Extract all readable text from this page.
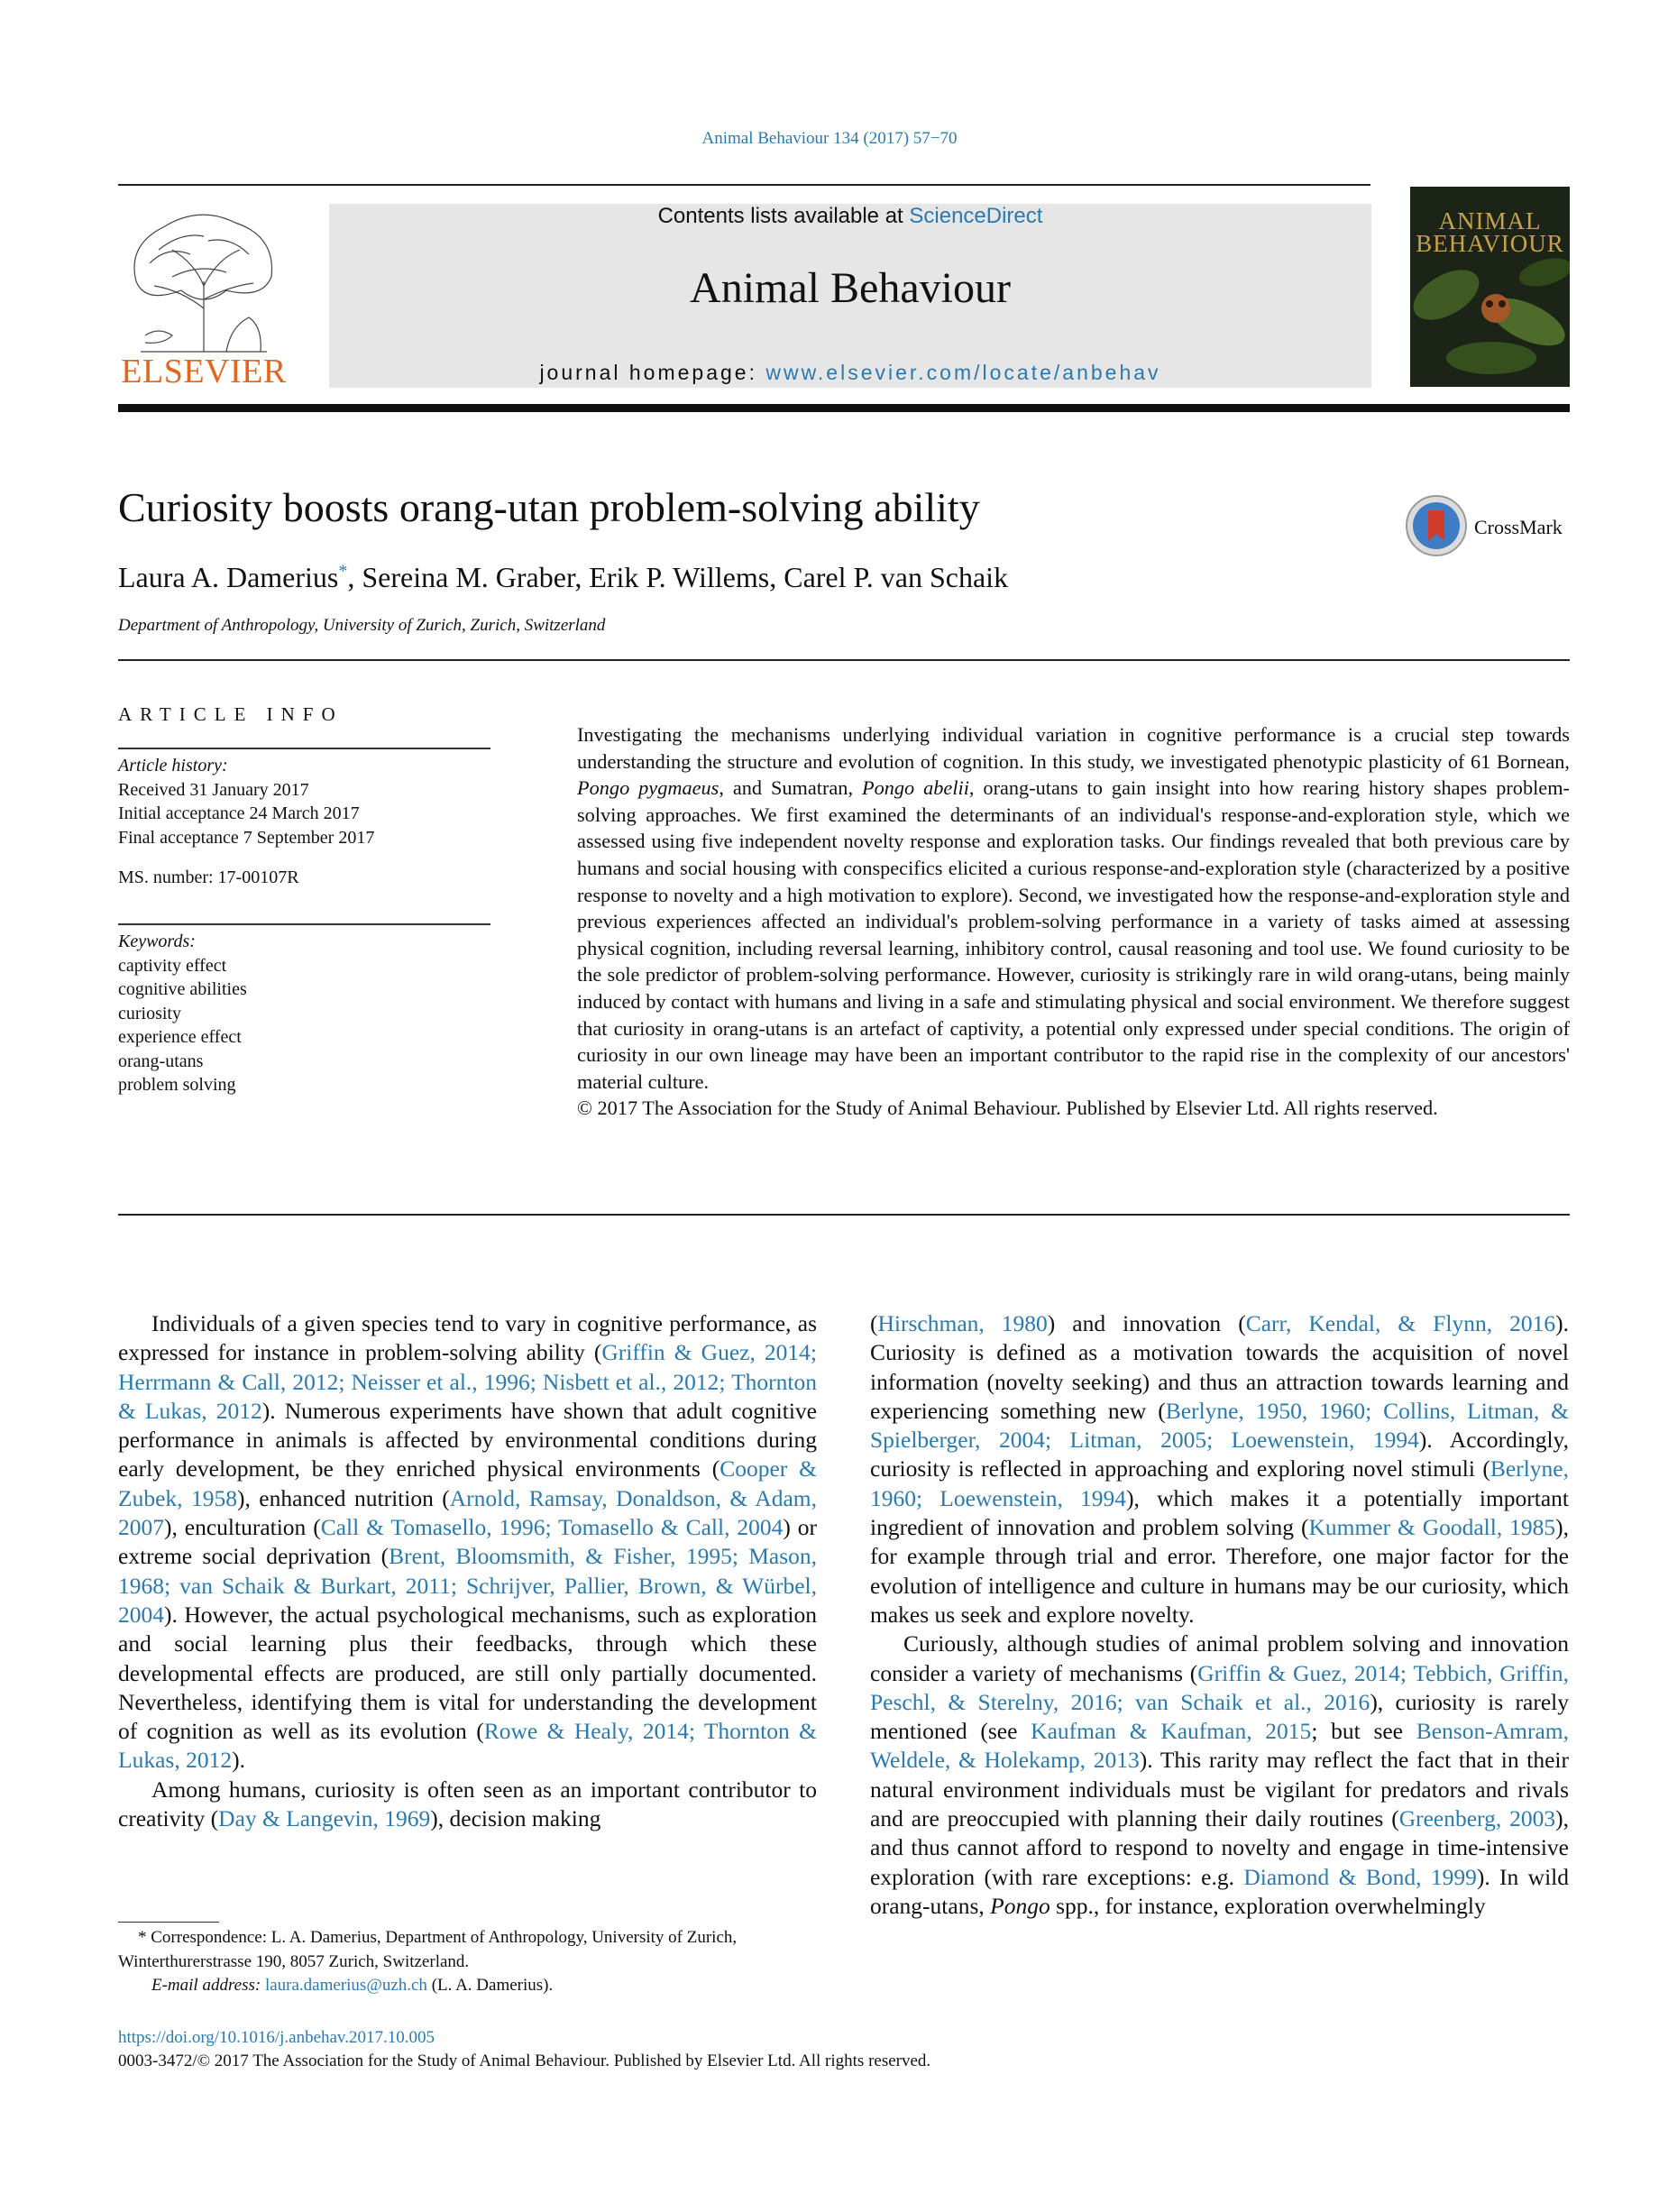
Animal Behaviour 134 (2017) 57−70
ELSEVIER
Contents lists available at ScienceDirect
Animal Behaviour
journal homepage: www.elsevier.com/locate/anbehav
ANIMAL
BEHAVIOUR
Curiosity boosts orang-utan problem-solving ability	CrossMark
Laura A. Damerius*, Sereina M. Graber, Erik P. Willems, Carel P. van Schaik
Department of Anthropology, University of Zurich, Zurich, Switzerland
ARTICLE INFO
Article history:
Received 31 January 2017
Initial acceptance 24 March 2017
Final acceptance 7 September 2017
MS. number: 17-00107R
Keywords:
captivity effect
cognitive abilities
curiosity
experience effect
orang-utans
problem solving

Investigating the mechanisms underlying individual variation in cognitive performance is a crucial step towards understanding the structure and evolution of cognition. In this study, we investigated phenotypic plasticity of 61 Bornean, Pongo pygmaeus, and Sumatran, Pongo abelii, orang-utans to gain insight into how rearing history shapes problem-solving approaches. We first examined the determinants of an individual's response-and-exploration style, which we assessed using five independent novelty response and exploration tasks. Our findings revealed that both previous care by humans and social housing with conspecifics elicited a curious response-and-exploration style (characterized by a positive response to novelty and a high motivation to explore). Second, we investigated how the response-and-exploration style and previous experiences affected an individual's problem-solving performance in a variety of tasks aimed at assessing physical cognition, including reversal learning, inhibitory control, causal reasoning and tool use. We found curiosity to be the sole predictor of problem-solving performance. However, curiosity is strikingly rare in wild orang-utans, being mainly induced by contact with humans and living in a safe and stimulating physical and social environment. We therefore suggest that curiosity in orang-utans is an artefact of captivity, a potential only expressed under special conditions. The origin of curiosity in our own lineage may have been an important contributor to the rapid rise in the complexity of our ancestors' material culture.

© 2017 The Association for the Study of Animal Behaviour. Published by Elsevier Ltd. All rights reserved.

Individuals of a given species tend to vary in cognitive performance, as expressed for instance in problem-solving ability (Griffin & Guez, 2014; Herrmann & Call, 2012; Neisser et al., 1996; Nisbett et al., 2012; Thornton & Lukas, 2012). Numerous experiments have shown that adult cognitive performance in animals is affected by environmental conditions during early development, be they enriched physical environments (Cooper & Zubek, 1958), enhanced nutrition (Arnold, Ramsay, Donaldson, & Adam, 2007), enculturation (Call & Tomasello, 1996; Tomasello & Call, 2004) or extreme social deprivation (Brent, Bloomsmith, & Fisher, 1995; Mason, 1968; van Schaik & Burkart, 2011; Schrijver, Pallier, Brown, & Würbel, 2004). However, the actual psychological mechanisms, such as exploration and social learning plus their feedbacks, through which these developmental effects are produced, are still only partially documented. Nevertheless, identifying them is vital for understanding the development of cognition as well as its evolution (Rowe & Healy, 2014; Thornton & Lukas, 2012).

Among humans, curiosity is often seen as an important contributor to creativity (Day & Langevin, 1969), decision making

(Hirschman, 1980) and innovation (Carr, Kendal, & Flynn, 2016). Curiosity is defined as a motivation towards the acquisition of novel information (novelty seeking) and thus an attraction towards learning and experiencing something new (Berlyne, 1950, 1960; Collins, Litman, & Spielberger, 2004; Litman, 2005; Loewenstein, 1994). Accordingly, curiosity is reflected in approaching and exploring novel stimuli (Berlyne, 1960; Loewenstein, 1994), which makes it a potentially important ingredient of innovation and problem solving (Kummer & Goodall, 1985), for example through trial and error. Therefore, one major factor for the evolution of intelligence and culture in humans may be our curiosity, which makes us seek and explore novelty.

Curiously, although studies of animal problem solving and innovation consider a variety of mechanisms (Griffin & Guez, 2014; Tebbich, Griffin, Peschl, & Sterelny, 2016; van Schaik et al., 2016), curiosity is rarely mentioned (see Kaufman & Kaufman, 2015; but see Benson-Amram, Weldele, & Holekamp, 2013). This rarity may reflect the fact that in their natural environment individuals must be vigilant for predators and rivals and are preoccupied with planning their daily routines (Greenberg, 2003), and thus cannot afford to respond to novelty and engage in time-intensive exploration (with rare exceptions: e.g. Diamond & Bond, 1999). In wild orang-utans, Pongo spp., for instance, exploration overwhelmingly

* Correspondence: L. A. Damerius, Department of Anthropology, University of Zurich, Winterthurerstrasse 190, 8057 Zurich, Switzerland.

E-mail address: laura.damerius@uzh.ch (L. A. Damerius).

https://doi.org/10.1016/j.anbehav.2017.10.005
0003-3472/© 2017 The Association for the Study of Animal Behaviour. Published by Elsevier Ltd. All rights reserved.
